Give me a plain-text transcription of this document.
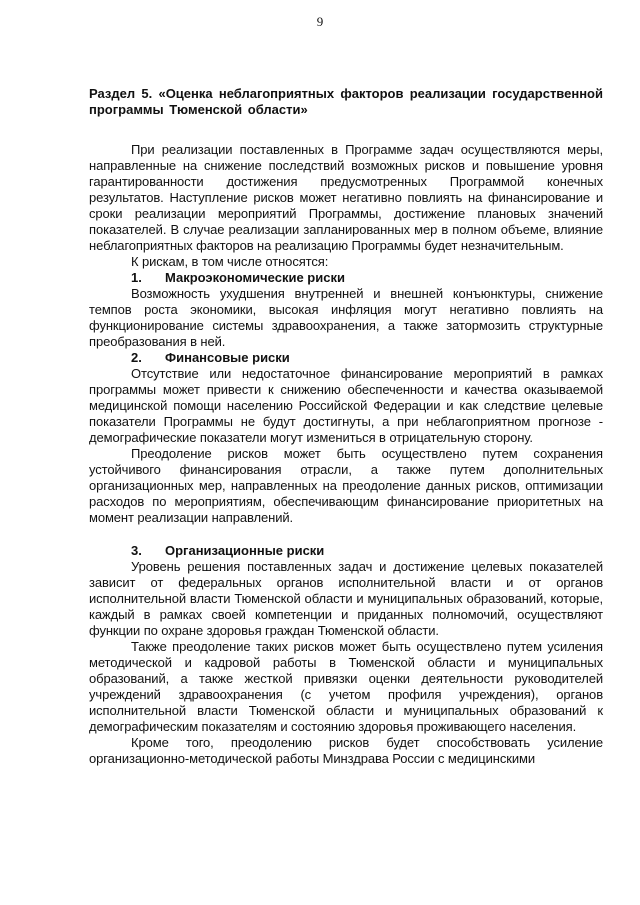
9

Раздел 5. «Оценка неблагоприятных факторов реализации государственной программы Тюменской области»

При реализации поставленных в Программе задач осуществляются меры, направленные на снижение последствий возможных рисков и повышение уровня гарантированности достижения предусмотренных Программой конечных результатов. Наступление рисков может негативно повлиять на финансирование и сроки реализации мероприятий Программы, достижение плановых значений показателей. В случае реализации запланированных мер в полном объеме, влияние неблагоприятных факторов на реализацию Программы будет незначительным.

К рискам, в том числе относятся:

1.	Макроэкономические риски

Возможность ухудшения внутренней и внешней конъюнктуры, снижение темпов роста экономики, высокая инфляция могут негативно повлиять на функционирование системы здравоохранения, а также затормозить структурные преобразования в ней.

2.	Финансовые риски

Отсутствие или недостаточное финансирование мероприятий в рамках программы может привести к снижению обеспеченности и качества оказываемой медицинской помощи населению Российской Федерации и как следствие целевые показатели Программы не будут достигнуты, а при неблагоприятном прогнозе - демографические показатели могут измениться в отрицательную сторону.

Преодоление рисков может быть осуществлено путем сохранения устойчивого финансирования отрасли, а также путем дополнительных организационных мер, направленных на преодоление данных рисков, оптимизации расходов по мероприятиям, обеспечивающим финансирование приоритетных на момент реализации направлений.

3.	Организационные риски

Уровень решения поставленных задач и достижение целевых показателей зависит от федеральных органов исполнительной власти и от органов исполнительной власти Тюменской области и муниципальных образований, которые, каждый в рамках своей компетенции и приданных полномочий, осуществляют функции по охране здоровья граждан Тюменской области.

Также преодоление таких рисков может быть осуществлено путем усиления методической и кадровой работы в Тюменской области и муниципальных образований, а также жесткой привязки оценки деятельности руководителей учреждений здравоохранения (с учетом профиля учреждения), органов исполнительной власти Тюменской области и муниципальных образований к демографическим показателям и состоянию здоровья проживающего населения.

Кроме того, преодолению рисков будет способствовать усиление организационно-методической работы Минздрава России с медицинскими
